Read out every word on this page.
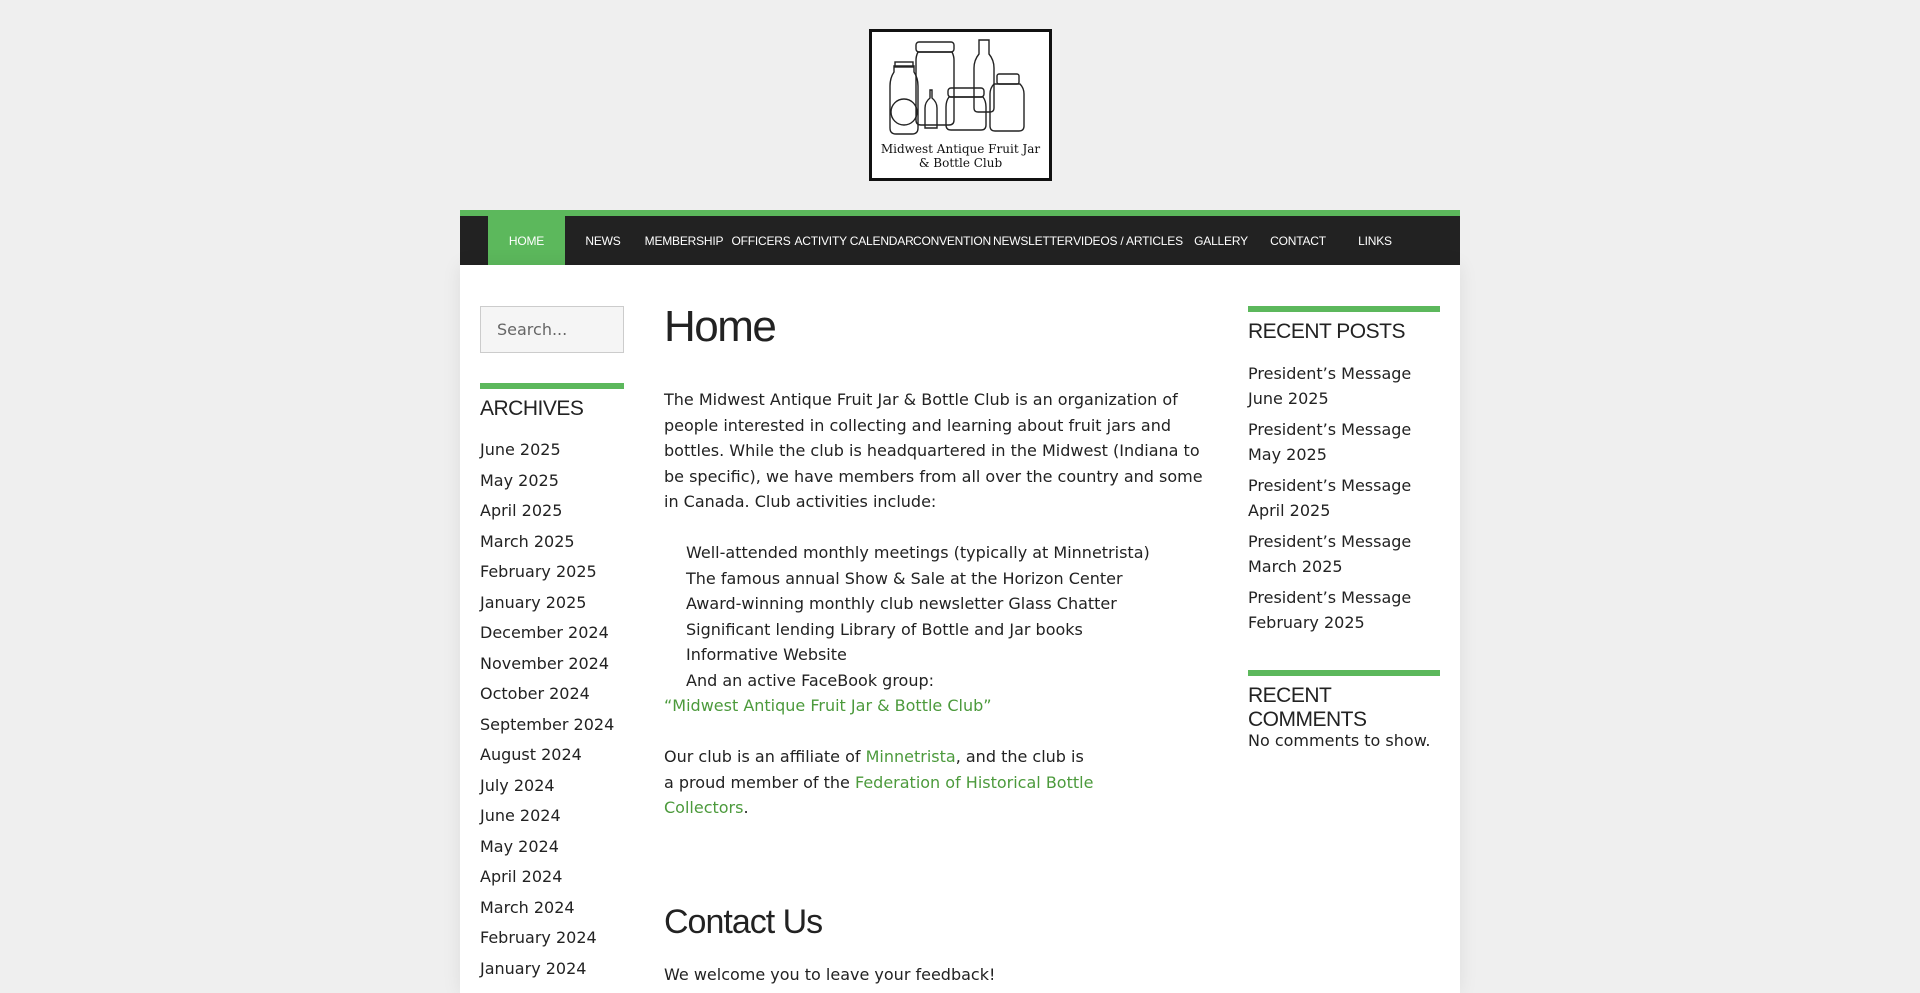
Midwest Antique Fruit Jar
& Bottle Club
HOME	NEWS	MEMBERSHIP OFFICERS ACTIVITY CALENDAR CONVENTION NEWSLETTER VIDEOS / ARTICLES GALLERY	CONTACT	LINKS
Search...
ARCHIVES
June 2025
May 2025
April 2025
March 2025
February 2025
January 2025
December 2024
November 2024
October 2024
September 2024
August 2024
July 2024
June 2024
May 2024
April 2024
March 2024
February 2024
January 2024
Home

The Midwest Antique Fruit Jar & Bottle Club is an organization of people interested in collecting and learning about fruit jars and bottles. While the club is headquartered in the Midwest (Indiana to be specific), we have members from all over the country and some in Canada. Club activities include:

Well-attended monthly meetings (typically at Minnetrista)
The famous annual Show & Sale at the Horizon Center
Award-winning monthly club newsletter Glass Chatter
Significant lending Library of Bottle and Jar books
Informative Website
And an active FaceBook group:
“Midwest Antique Fruit Jar & Bottle Club”

Our club is an affiliate of Minnetrista, and the club is a proud member of the Federation of Historical Bottle Collectors.

Contact Us
We welcome you to leave your feedback!
RECENT POSTS
President’s Message June 2025
President’s Message May 2025
President’s Message April 2025
President’s Message March 2025
President’s Message February 2025
RECENT COMMENTS
No comments to show.
